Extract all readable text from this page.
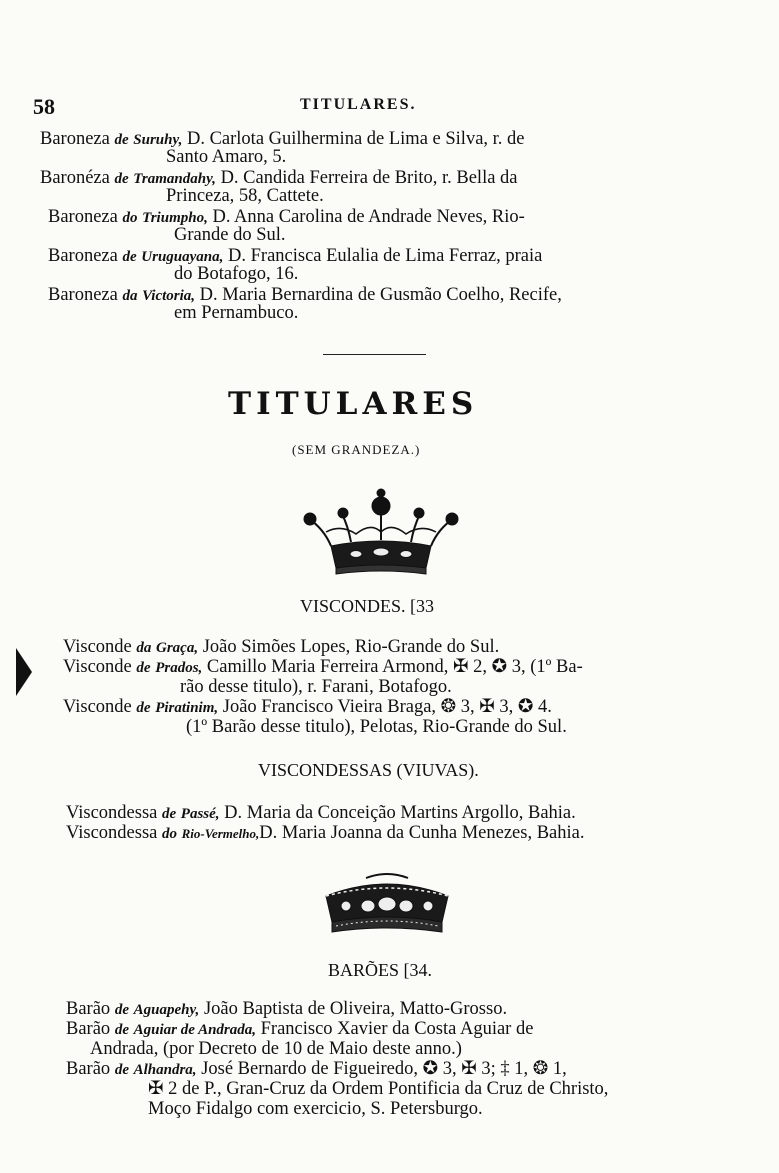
58	TITULARES.
Baroneza de Suruhy, D. Carlota Guilhermina de Lima e Silva, r. de
Santo Amaro, 5.
Baronéza de Tramandahy, D. Candida Ferreira de Brito, r. Bella da
Princeza, 58, Cattete.
Baroneza do Triumpho, D. Anna Carolina de Andrade Neves, Rio-
Grande do Sul.
Baroneza de Uruguayana, D. Francisca Eulalia de Lima Ferraz, praia
do Botafogo, 16.
Baroneza da Victoria, D. Maria Bernardina de Gusmão Coelho, Recife,
em Pernambuco.
TITULARES
(SEM GRANDEZA.)
VISCONDES. [33
Visconde da Graça, João Simões Lopes, Rio-Grande do Sul.
Visconde de Prados, Camillo Maria Ferreira Armond, ✠ 2, ✪ 3, (1º Ba-
rão desse titulo), r. Farani, Botafogo.
Visconde de Piratinim, João Francisco Vieira Braga, ❂ 3, ✠ 3, ✪ 4.
(1º Barão desse titulo), Pelotas, Rio-Grande do Sul.
VISCONDESSAS (VIUVAS).
Viscondessa de Passé, D. Maria da Conceição Martins Argollo, Bahia.
Viscondessa do Rio-Vermelho,D. Maria Joanna da Cunha Menezes, Bahia.
BARÕES [34.
Barão de Aguapehy, João Baptista de Oliveira, Matto-Grosso.
Barão de Aguiar de Andrada, Francisco Xavier da Costa Aguiar de
Andrada, (por Decreto de 10 de Maio deste anno.)
Barão de Alhandra, José Bernardo de Figueiredo, ✪ 3, ✠ 3; ‡ 1, ❂ 1,
✠ 2 de P., Gran-Cruz da Ordem Pontificia da Cruz de Christo,
Moço Fidalgo com exercicio, S. Petersburgo.
